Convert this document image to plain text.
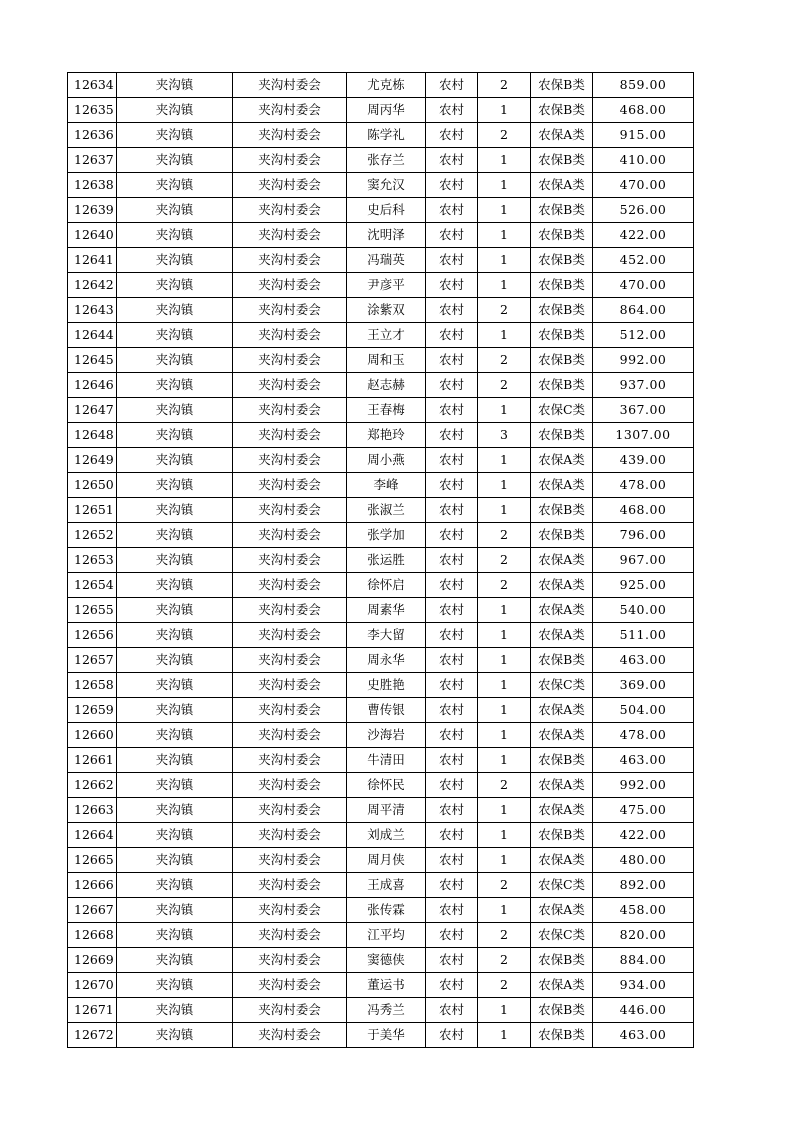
12634	夹沟镇	夹沟村委会	尤克栋	农村	2	农保B类	859.00
12635	夹沟镇	夹沟村委会	周丙华	农村	1	农保B类	468.00
12636	夹沟镇	夹沟村委会	陈学礼	农村	2	农保A类	915.00
12637	夹沟镇	夹沟村委会	张存兰	农村	1	农保B类	410.00
12638	夹沟镇	夹沟村委会	窦允汉	农村	1	农保A类	470.00
12639	夹沟镇	夹沟村委会	史后科	农村	1	农保B类	526.00
12640	夹沟镇	夹沟村委会	沈明泽	农村	1	农保B类	422.00
12641	夹沟镇	夹沟村委会	冯瑞英	农村	1	农保B类	452.00
12642	夹沟镇	夹沟村委会	尹彦平	农村	1	农保B类	470.00
12643	夹沟镇	夹沟村委会	涂紫双	农村	2	农保B类	864.00
12644	夹沟镇	夹沟村委会	王立才	农村	1	农保B类	512.00
12645	夹沟镇	夹沟村委会	周和玉	农村	2	农保B类	992.00
12646	夹沟镇	夹沟村委会	赵志赫	农村	2	农保B类	937.00
12647	夹沟镇	夹沟村委会	王春梅	农村	1	农保C类	367.00
12648	夹沟镇	夹沟村委会	郑艳玲	农村	3	农保B类	1307.00
12649	夹沟镇	夹沟村委会	周小燕	农村	1	农保A类	439.00
12650	夹沟镇	夹沟村委会	李峰	农村	1	农保A类	478.00
12651	夹沟镇	夹沟村委会	张淑兰	农村	1	农保B类	468.00
12652	夹沟镇	夹沟村委会	张学加	农村	2	农保B类	796.00
12653	夹沟镇	夹沟村委会	张运胜	农村	2	农保A类	967.00
12654	夹沟镇	夹沟村委会	徐怀启	农村	2	农保A类	925.00
12655	夹沟镇	夹沟村委会	周素华	农村	1	农保A类	540.00
12656	夹沟镇	夹沟村委会	李大留	农村	1	农保A类	511.00
12657	夹沟镇	夹沟村委会	周永华	农村	1	农保B类	463.00
12658	夹沟镇	夹沟村委会	史胜艳	农村	1	农保C类	369.00
12659	夹沟镇	夹沟村委会	曹传银	农村	1	农保A类	504.00
12660	夹沟镇	夹沟村委会	沙海岩	农村	1	农保A类	478.00
12661	夹沟镇	夹沟村委会	牛清田	农村	1	农保B类	463.00
12662	夹沟镇	夹沟村委会	徐怀民	农村	2	农保A类	992.00
12663	夹沟镇	夹沟村委会	周平清	农村	1	农保A类	475.00
12664	夹沟镇	夹沟村委会	刘成兰	农村	1	农保B类	422.00
12665	夹沟镇	夹沟村委会	周月侠	农村	1	农保A类	480.00
12666	夹沟镇	夹沟村委会	王成喜	农村	2	农保C类	892.00
12667	夹沟镇	夹沟村委会	张传霖	农村	1	农保A类	458.00
12668	夹沟镇	夹沟村委会	江平均	农村	2	农保C类	820.00
12669	夹沟镇	夹沟村委会	窦德侠	农村	2	农保B类	884.00
12670	夹沟镇	夹沟村委会	董运书	农村	2	农保A类	934.00
12671	夹沟镇	夹沟村委会	冯秀兰	农村	1	农保B类	446.00
12672	夹沟镇	夹沟村委会	于美华	农村	1	农保B类	463.00
